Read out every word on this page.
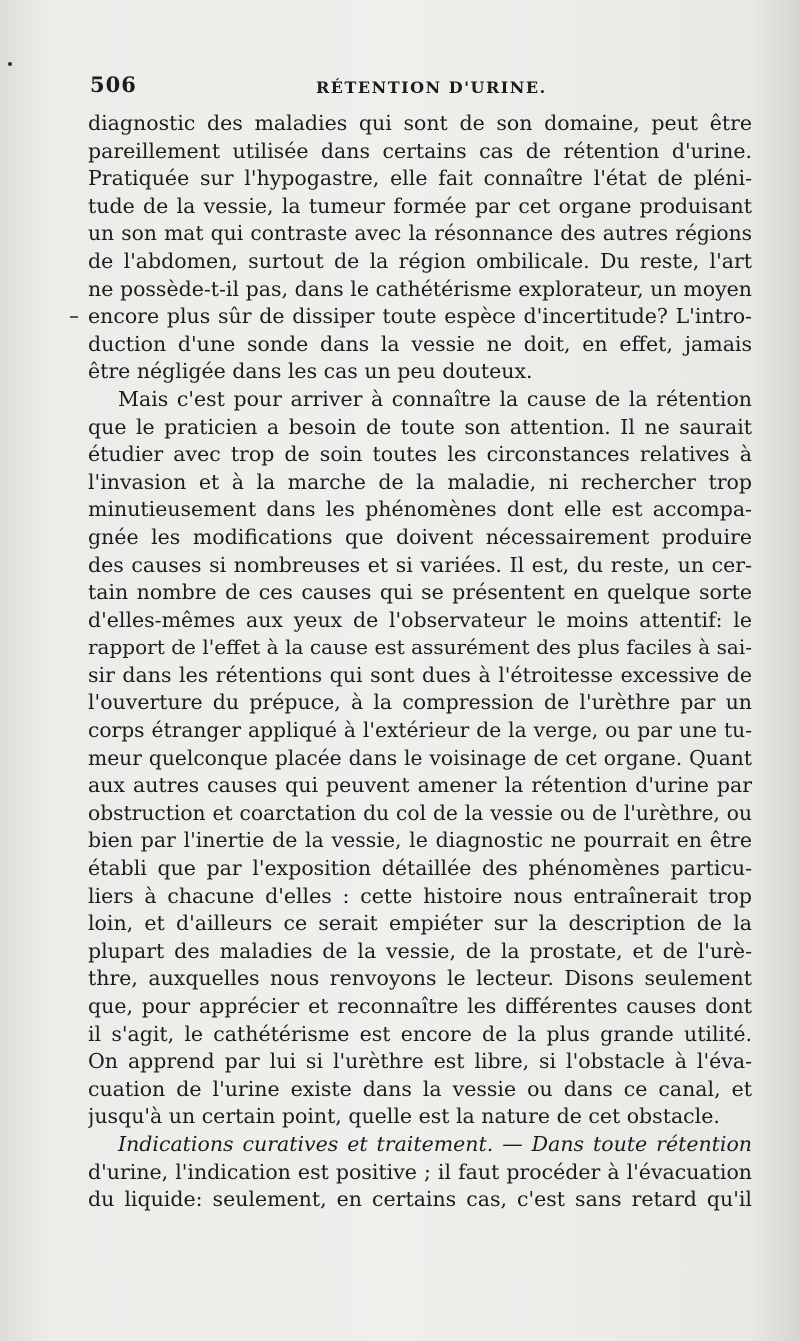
506	RÉTENTION D'URINE.
diagnostic des maladies qui sont de son domaine, peut être
pareillement utilisée dans certains cas de rétention d'urine.
Pratiquée sur l'hypogastre, elle fait connaître l'état de pléni-
tude de la vessie, la tumeur formée par cet organe produisant
un son mat qui contraste avec la résonnance des autres régions
de l'abdomen, surtout de la région ombilicale. Du reste, l'art
ne possède-t-il pas, dans le cathétérisme explorateur, un moyen
encore plus sûr de dissiper toute espèce d'incertitude? L'intro-
duction d'une sonde dans la vessie ne doit, en effet, jamais
être négligée dans les cas un peu douteux.
Mais c'est pour arriver à connaître la cause de la rétention
que le praticien a besoin de toute son attention. Il ne saurait
étudier avec trop de soin toutes les circonstances relatives à
l'invasion et à la marche de la maladie, ni rechercher trop
minutieusement dans les phénomènes dont elle est accompa-
gnée les modifications que doivent nécessairement produire
des causes si nombreuses et si variées. Il est, du reste, un cer-
tain nombre de ces causes qui se présentent en quelque sorte
d'elles-mêmes aux yeux de l'observateur le moins attentif: le
rapport de l'effet à la cause est assurément des plus faciles à sai-
sir dans les rétentions qui sont dues à l'étroitesse excessive de
l'ouverture du prépuce, à la compression de l'urèthre par un
corps étranger appliqué à l'extérieur de la verge, ou par une tu-
meur quelconque placée dans le voisinage de cet organe. Quant
aux autres causes qui peuvent amener la rétention d'urine par
obstruction et coarctation du col de la vessie ou de l'urèthre, ou
bien par l'inertie de la vessie, le diagnostic ne pourrait en être
établi que par l'exposition détaillée des phénomènes particu-
liers à chacune d'elles : cette histoire nous entraînerait trop
loin, et d'ailleurs ce serait empiéter sur la description de la
plupart des maladies de la vessie, de la prostate, et de l'urè-
thre, auxquelles nous renvoyons le lecteur. Disons seulement
que, pour apprécier et reconnaître les différentes causes dont
il s'agit, le cathétérisme est encore de la plus grande utilité.
On apprend par lui si l'urèthre est libre, si l'obstacle à l'éva-
cuation de l'urine existe dans la vessie ou dans ce canal, et
jusqu'à un certain point, quelle est la nature de cet obstacle.
Indications curatives et traitement. — Dans toute rétention
d'urine, l'indication est positive ; il faut procéder à l'évacuation
du liquide: seulement, en certains cas, c'est sans retard qu'il
